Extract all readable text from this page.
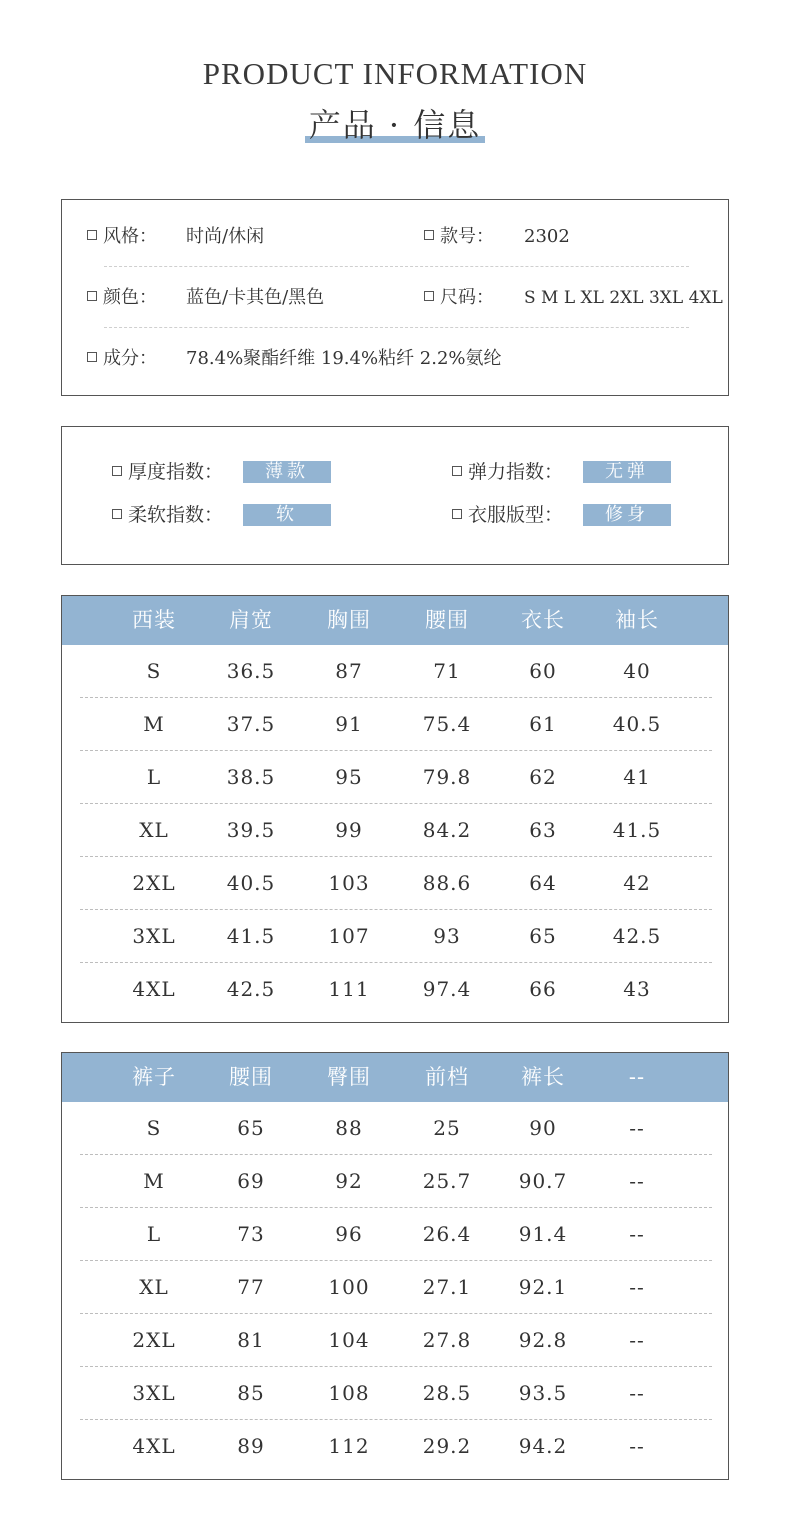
PRODUCT INFORMATION
产品 · 信息
风格： 时尚/休闲	款号： 2302
颜色： 蓝色/卡其色/黑色	尺码： S M L XL 2XL 3XL 4XL
成分： 78.4%聚酯纤维 19.4%粘纤 2.2%氨纶
厚度指数：	薄款	弹力指数：	无弹
柔软指数：	软	衣服版型：	修身
西装	肩宽	胸围	腰围	衣长	袖长
S	36.5	87	71	60	40
M	37.5	91	75.4	61	40.5
L	38.5	95	79.8	62	41
XL	39.5	99	84.2	63	41.5
2XL	40.5	103	88.6	64	42
3XL	41.5	107	93	65	42.5
4XL	42.5	111	97.4	66	43
裤子	腰围	臀围	前档	裤长	--
S	65	88	25	90	--
M	69	92	25.7	90.7	--
L	73	96	26.4	91.4	--
XL	77	100	27.1	92.1	--
2XL	81	104	27.8	92.8	--
3XL	85	108	28.5	93.5	--
4XL	89	112	29.2	94.2	--
